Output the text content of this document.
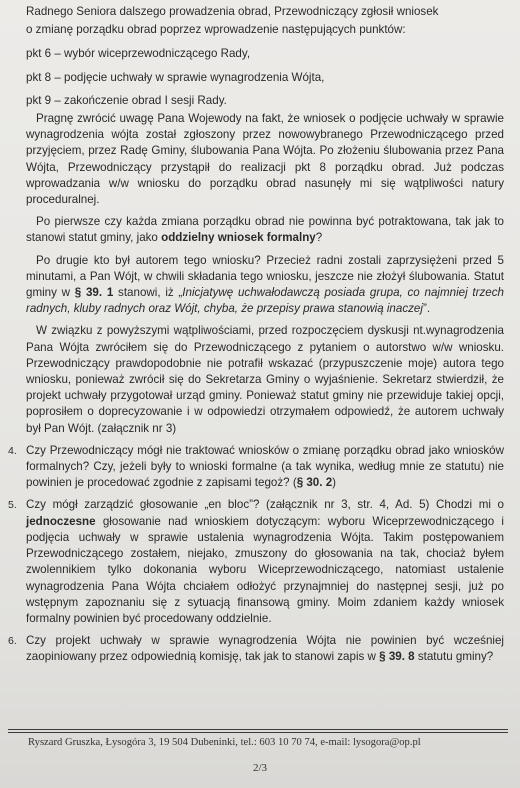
Radnego Seniora dalszego prowadzenia obrad, Przewodniczący zgłosił wniosek

o zmianę porządku obrad poprzez wprowadzenie następujących punktów:

pkt 6 – wybór wiceprzewodniczącego Rady,

pkt 8 – podjęcie uchwały w sprawie wynagrodzenia Wójta,

pkt 9 – zakończenie obrad I sesji Rady.

Pragnę zwrócić uwagę Pana Wojewody na fakt, że wniosek o podjęcie uchwały w sprawie wynagrodzenia wójta został zgłoszony przez nowowybranego Przewodniczącego przed przyjęciem, przez Radę Gminy, ślubowania Pana Wójta. Po złożeniu ślubowania przez Pana Wójta, Przewodniczący przystąpił do realizacji pkt 8 porządku obrad. Już podczas wprowadzania w/w wniosku do porządku obrad nasunęły mi się wątpliwości natury proceduralnej.

Po pierwsze czy każda zmiana porządku obrad nie powinna być potraktowana, tak jak to stanowi statut gminy, jako oddzielny wniosek formalny?

Po drugie kto był autorem tego wniosku? Przecież radni zostali zaprzysiężeni przed 5 minutami, a Pan Wójt, w chwili składania tego wniosku, jeszcze nie złożył ślubowania. Statut gminy w § 39. 1 stanowi, iż „Inicjatywę uchwałodawczą posiada grupa, co najmniej trzech radnych, kluby radnych oraz Wójt, chyba, że przepisy prawa stanowią inaczej”.

W związku z powyższymi wątpliwościami, przed rozpoczęciem dyskusji nt.wynagrodzenia Pana Wójta zwróciłem się do Przewodniczącego z pytaniem o autorstwo w/w wniosku. Przewodniczący prawdopodobnie nie potrafił wskazać (przypuszczenie moje) autora tego wniosku, ponieważ zwrócił się do Sekretarza Gminy o wyjaśnienie. Sekretarz stwierdził, że projekt uchwały przygotował urząd gminy. Ponieważ statut gminy nie przewiduje takiej opcji, poprosiłem o doprecyzowanie i w odpowiedzi otrzymałem odpowiedź, że autorem uchwały był Pan Wójt. (załącznik nr 3)

4. Czy Przewodniczący mógł nie traktować wniosków o zmianę porządku obrad jako wniosków formalnych? Czy, jeżeli były to wnioski formalne (a tak wynika, według mnie ze statutu) nie powinien je procedować zgodnie z zapisami tegoż? (§ 30. 2)
5. Czy mógł zarządzić głosowanie „en bloc”? (załącznik nr 3, str. 4, Ad. 5) Chodzi mi o jednoczesne głosowanie nad wnioskiem dotyczącym: wyboru Wiceprzewodniczącego i podjęcia uchwały w sprawie ustalenia wynagrodzenia Wójta. Takim postępowaniem Przewodniczącego zostałem, niejako, zmuszony do głosowania na tak, chociaż byłem zwolennikiem tylko dokonania wyboru Wiceprzewodniczącego, natomiast ustalenie wynagrodzenia Pana Wójta chciałem odłożyć przynajmniej do następnej sesji, już po wstępnym zapoznaniu się z sytuacją finansową gminy. Moim zdaniem każdy wniosek formalny powinien być procedowany oddzielnie.
6. Czy projekt uchwały w sprawie wynagrodzenia Wójta nie powinien być wcześniej zaopiniowany przez odpowiednią komisję, tak jak to stanowi zapis w § 39. 8 statutu gminy?
Ryszard Gruszka, Łysogóra 3, 19 504 Dubeninki, tel.: 603 10 70 74, e-mail: lysogora@op.pl
2/3
